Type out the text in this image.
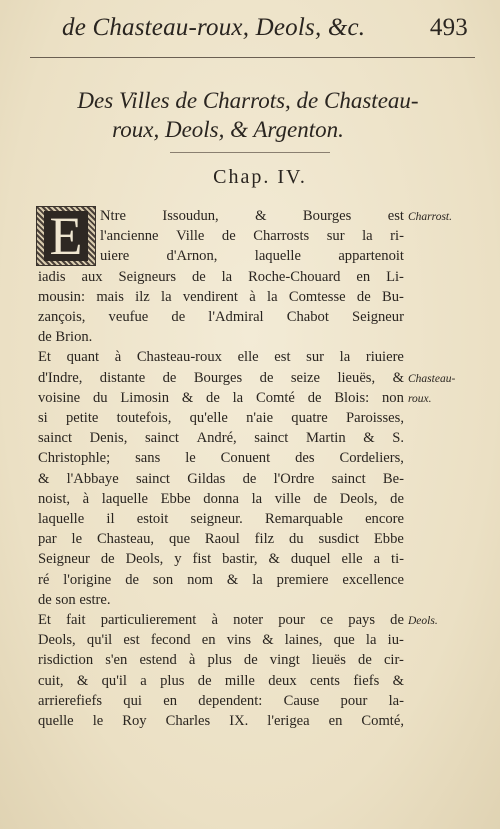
de Chasteau-roux, Deols, &c.	493
Des Villes de Charrots, de Chasteau-
roux, Deols, & Argenton.
Chap. IV.
E	Ntre Issoudun, & Bourges est
l'ancienne Ville de Charrosts sur la ri-
uiere	d'Arnon,	laquelle	appartenoit
iadis aux Seigneurs de la Roche-Chouard en Li-
mousin: mais ilz la vendirent à la Comtesse de Bu-
zançois, veufue de l'Admiral Chabot Seigneur
de Brion.
Et quant à Chasteau-roux elle est sur la riuiere
d'Indre, distante de Bourges de seize lieuës, &
voisine du Limosin & de la Comté de Blois: non
si petite toutefois, qu'elle n'aie quatre Paroisses,
sainct Denis, sainct André, sainct Martin & S.
Christophle; sans le Conuent des Cordeliers,
& l'Abbaye sainct Gildas de l'Ordre sainct Be-
noist, à laquelle Ebbe donna la ville de Deols, de
laquelle il estoit seigneur. Remarquable encore
par le Chasteau, que Raoul filz du susdict Ebbe
Seigneur de Deols, y fist bastir, & duquel elle a ti-
ré l'origine de son nom & la premiere excellence
de son estre.
Et fait particulierement à noter pour ce pays de
Deols, qu'il est fecond en vins & laines, que la iu-
risdiction s'en estend à plus de vingt lieuës de cir-
cuit, & qu'il a plus de mille deux cents fiefs &
arrierefiefs qui en dependent: Cause pour la-
quelle le Roy Charles IX. l'erigea en Comté,
Charrost.
Chasteau-
roux.
Deols.
